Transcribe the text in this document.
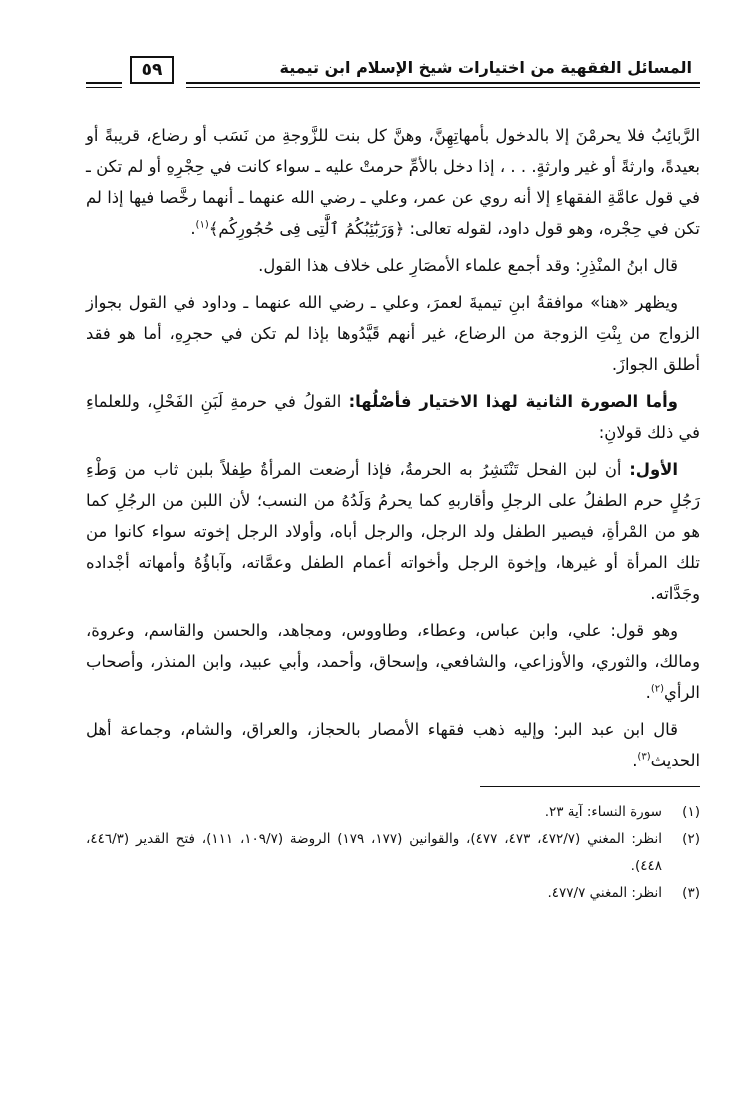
المسائل الفقهية من اختيارات شيخ الإسلام ابن تيمية
٥٩

الرَّبائِبُ فلا يحرمْنَ إلا بالدخول بأمهاتِهِنَّ، وهنَّ كل بنت للزَّوجةِ من نَسَب أو رضاع، قريبةً أو بعيدةً، وارثةً أو غير وارثةٍ. . . ، إذا دخل بالأمِّ حرمتْ عليه ـ سواء كانت في حِجْرِهِ أو لم تكن ـ في قول عامَّةِ الفقهاءِ إلا أنه روي عن عمر، وعلي ـ رضي الله عنهما ـ أنهما رخَّصا فيها إذا لم تكن في حِجْره، وهو قول داود، لقوله تعالى: ﴿وَرَبَٰٓئِبُكُمُ ٱلَّٰتِى فِى حُجُورِكُم﴾$^{(١)}$.

قال ابنُ المنْذِرِ: وقد أجمع علماء الأمصَارِ على خلاف هذا القول.

ويظهر «هنا» موافقةُ ابنِ تيميةَ لعمرَ، وعلي ـ رضي الله عنهما ـ وداود في القول بجواز الزواج من بِنْتِ الزوجة من الرضاع، غير أنهم قَيَّدُوها بإذا لم تكن في حجرِهِ، أما هو فقد أطلق الجوازَ.

وأما الصورة الثانية لهذا الاختيار فأصْلُها: القولُ في حرمةِ لَبَنِ الفَحْلِ، وللعلماءِ في ذلك قولانِ:

الأول: أن لبن الفحل تَنْتَشِرُ به الحرمةُ، فإذا أرضعت المرأةُ طِفلاً بلبن ثاب من وَطْءِ رَجُلٍ حرم الطفلُ على الرجلِ وأقاربهِ كما يحرمُ وَلَدُهُ من النسب؛ لأن اللبن من الرجُلِ كما هو من المْرأةِ، فيصير الطفل ولد الرجل، والرجل أباه، وأولاد الرجل إخوته سواء كانوا من تلك المرأة أو غيرها، وإخوة الرجل وأخواته أعمام الطفل وعمَّاته، وآباؤُهُ وأمهاته أجْداده وجَدَّاته.

وهو قول: علي، وابن عباس، وعطاء، وطاووس، ومجاهد، والحسن والقاسم، وعروة، ومالك، والثوري، والأوزاعي، والشافعي، وإسحاق، وأحمد، وأبي عبيد، وابن المنذر، وأصحاب الرأي$^{(٢)}$.

قال ابن عبد البر: وإليه ذهب فقهاء الأمصار بالحجاز، والعراق، والشام، وجماعة أهل الحديث$^{(٣)}$.

(١)
سورة النساء: آية ٢٣.
(٢)
انظر: المغني (٤٧٢/٧، ٤٧٣، ٤٧٧)، والقوانين (١٧٧، ١٧٩) الروضة (١٠٩/٧، ١١١)، فتح القدير (٤٤٦/٣، ٤٤٨).
(٣)
انظر: المغني ٤٧٧/٧.
